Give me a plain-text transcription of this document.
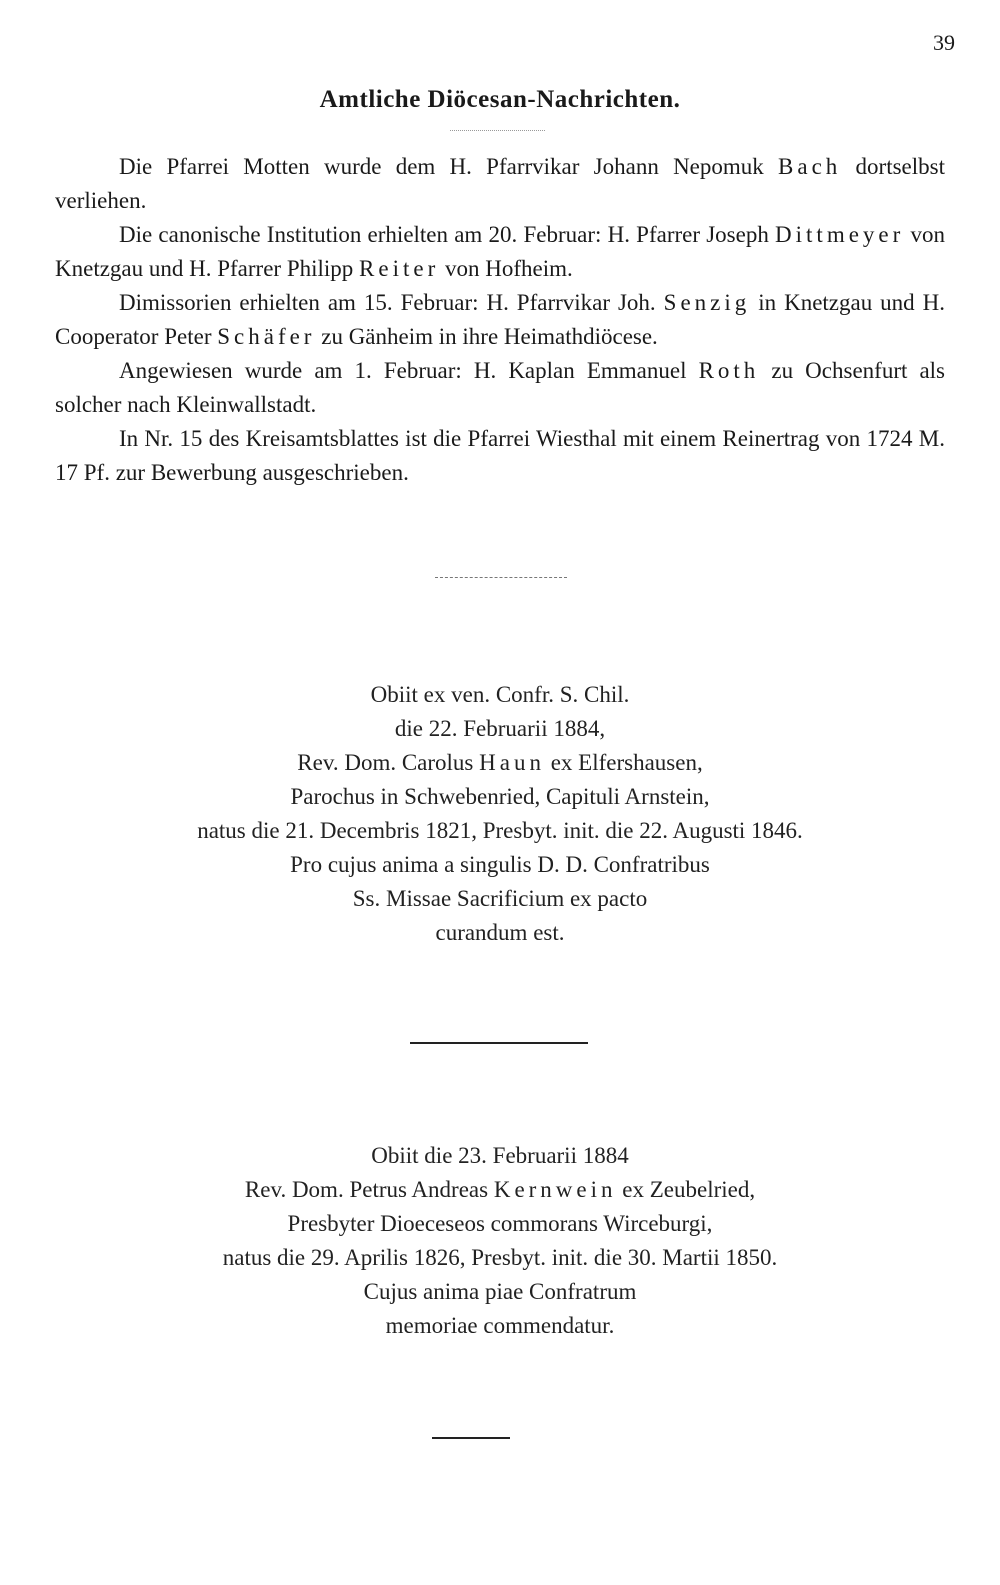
39
Amtliche Diöcesan-Nachrichten.

Die Pfarrei Motten wurde dem H. Pfarrvikar Johann Nepomuk Bach dortselbst verliehen.

Die canonische Institution erhielten am 20. Februar: H. Pfarrer Joseph Dittmeyer von Knetzgau und H. Pfarrer Philipp Reiter von Hofheim.

Dimissorien erhielten am 15. Februar: H. Pfarrvikar Joh. Senzig in Knetzgau und H. Cooperator Peter Schäfer zu Gänheim in ihre Heimathdiöcese.

Angewiesen wurde am 1. Februar: H. Kaplan Emmanuel Roth zu Ochsenfurt als solcher nach Kleinwallstadt.

In Nr. 15 des Kreisamtsblattes ist die Pfarrei Wiesthal mit einem Reinertrag von 1724 M. 17 Pf. zur Bewerbung ausgeschrieben.

Obiit ex ven. Confr. S. Chil.

die 22. Februarii 1884,

Rev. Dom. Carolus Haun ex Elfershausen,

Parochus in Schwebenried, Capituli Arnstein,

natus die 21. Decembris 1821, Presbyt. init. die 22. Augusti 1846.

Pro cujus anima a singulis D. D. Confratribus

Ss. Missae Sacrificium ex pacto

curandum est.

Obiit die 23. Februarii 1884

Rev. Dom. Petrus Andreas Kernwein ex Zeubelried,

Presbyter Dioeceseos commorans Wirceburgi,

natus die 29. Aprilis 1826, Presbyt. init. die 30. Martii 1850.

Cujus anima piae Confratrum

memoriae commendatur.
